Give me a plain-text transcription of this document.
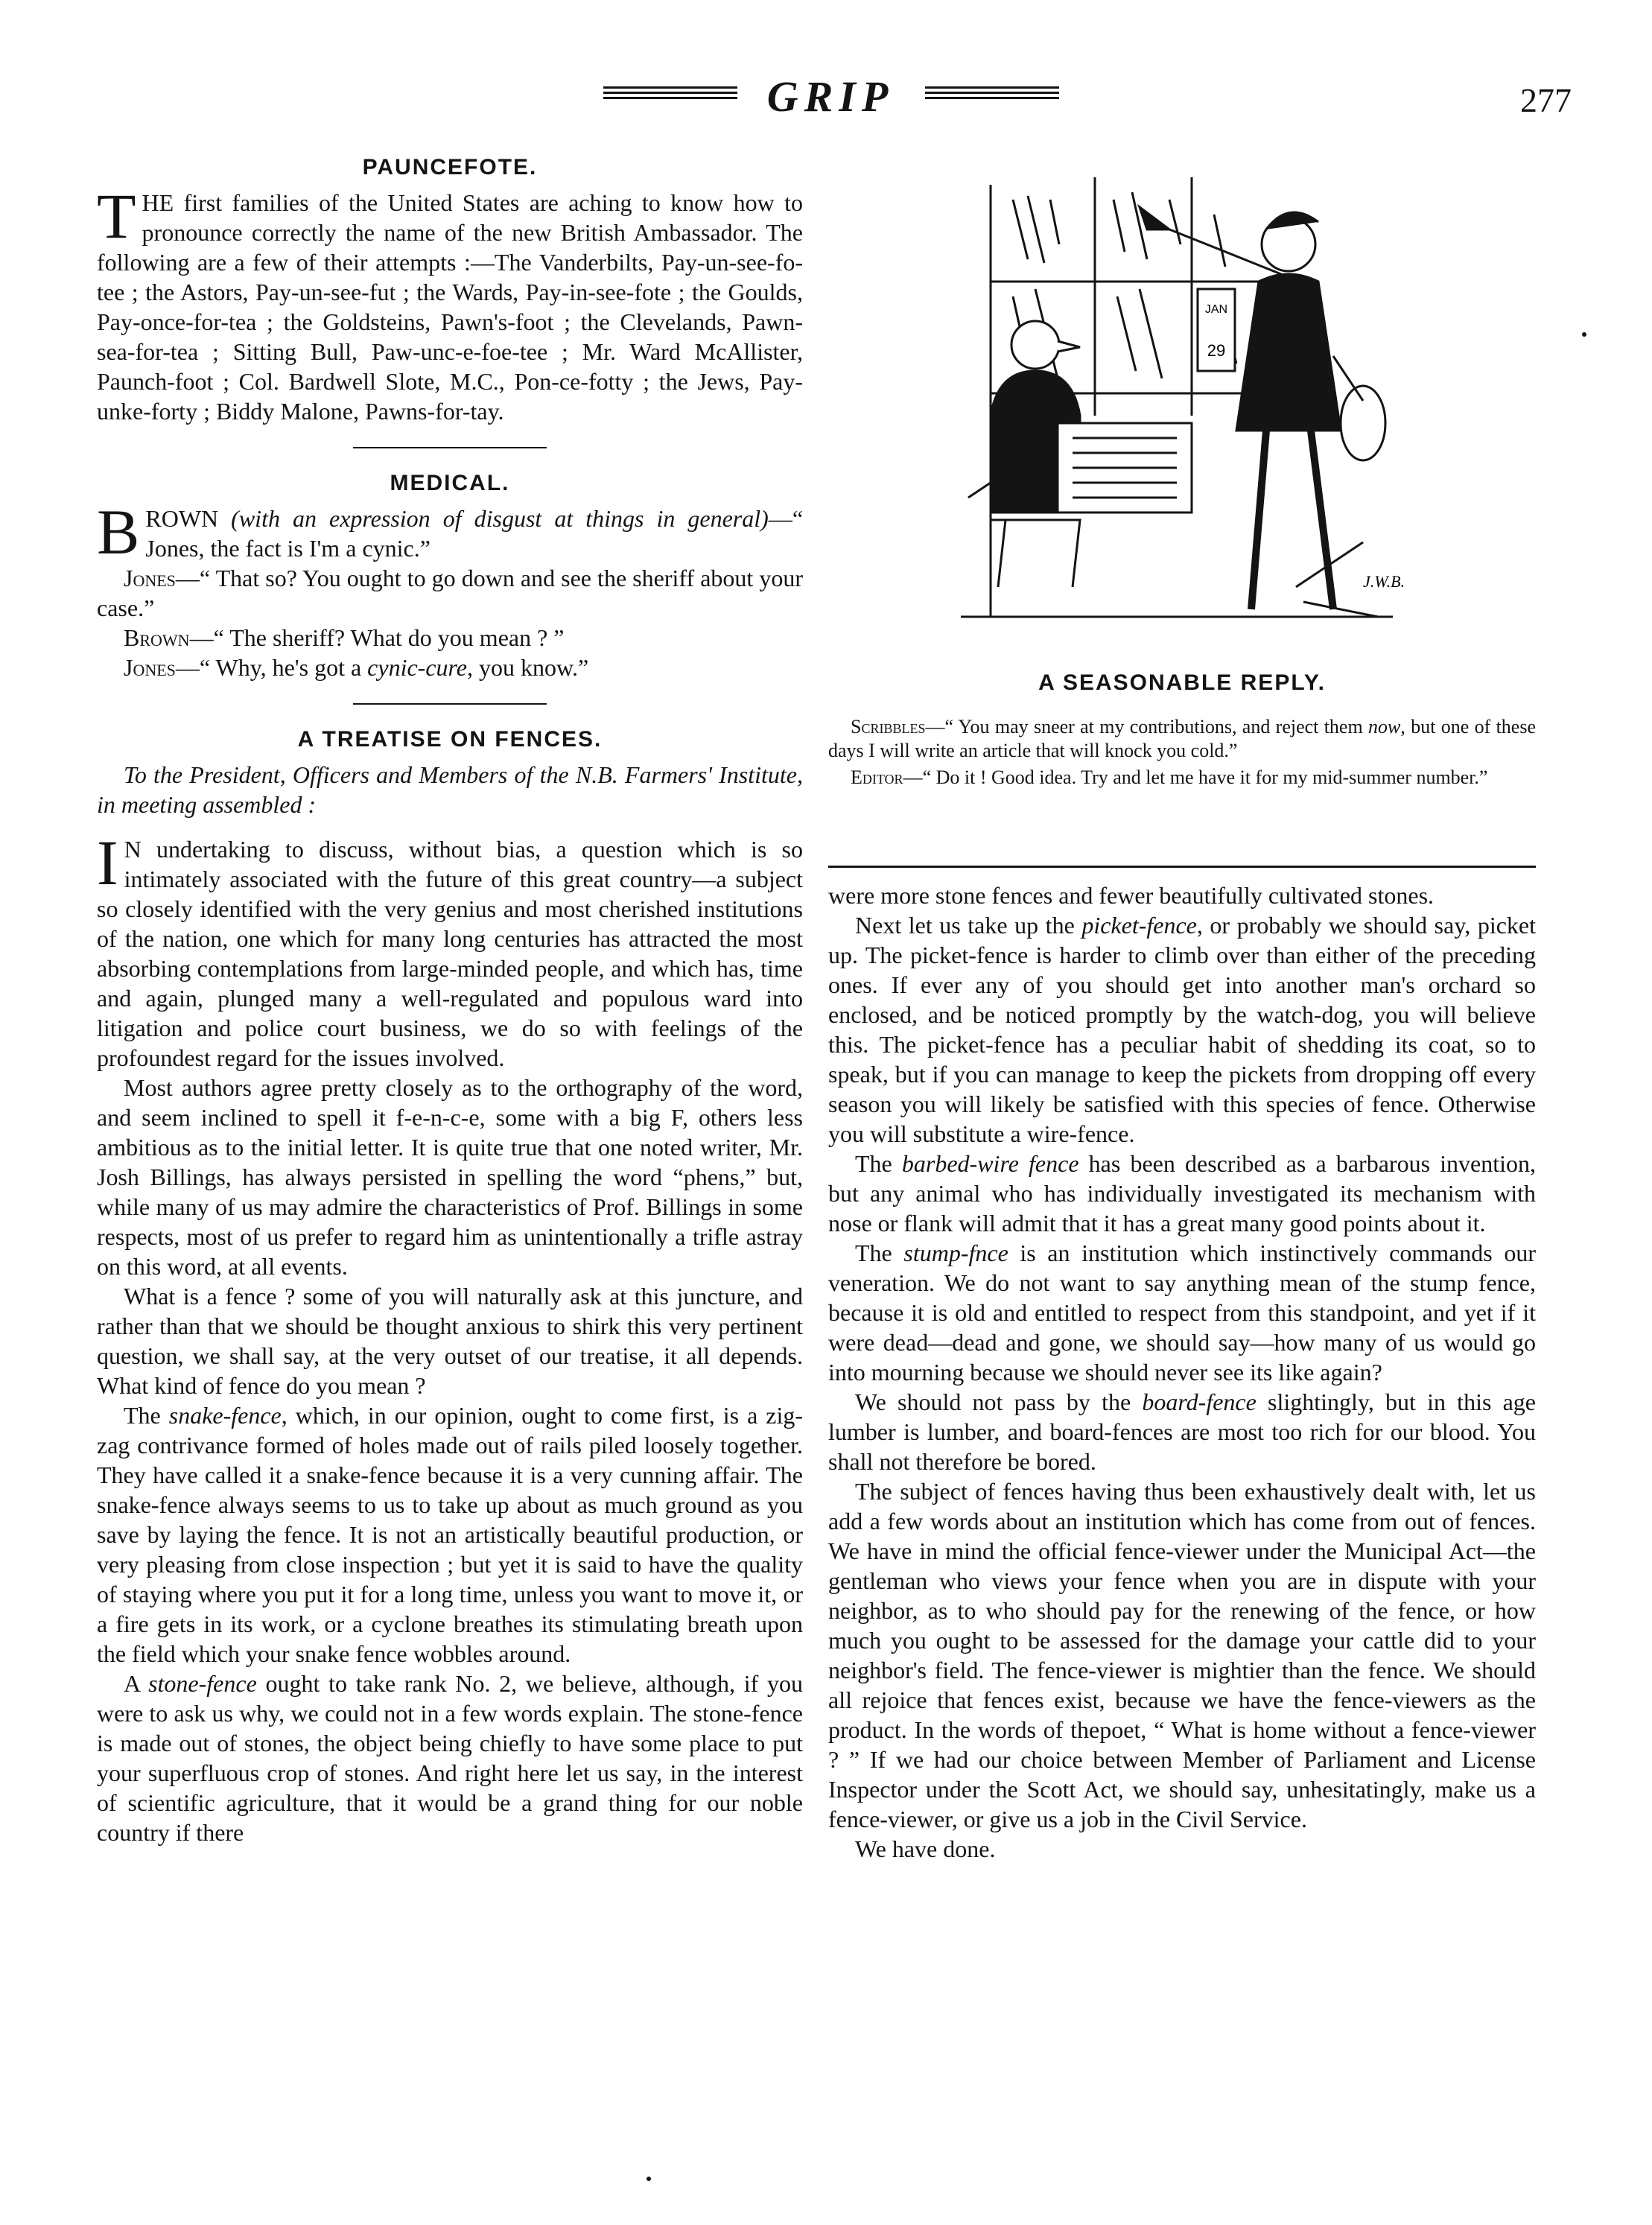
GRIP	277
PAUNCEFOTE.

THE first families of the United States are aching to know how to pronounce correctly the name of the new British Ambassador. The following are a few of their attempts :—The Vanderbilts, Pay-un-see-fo-tee ; the Astors, Pay-un-see-fut ; the Wards, Pay-in-see-fote ; the Goulds, Pay-once-for-tea ; the Goldsteins, Pawn's-foot ; the Clevelands, Pawn-sea-for-tea ; Sitting Bull, Paw-unc-e-foe-tee ; Mr. Ward McAllister, Paunch-foot ; Col. Bardwell Slote, M.C., Pon-ce-fotty ; the Jews, Pay-unke-forty ; Biddy Malone, Pawns-for-tay.

MEDICAL.

BROWN (with an expression of disgust at things in general)—“ Jones, the fact is I'm a cynic.”

Jones—“ That so? You ought to go down and see the sheriff about your case.”

Brown—“ The sheriff? What do you mean ? ”

Jones—“ Why, he's got a cynic-cure, you know.”

A TREATISE ON FENCES.

To the President, Officers and Members of the N.B. Farmers' Institute, in meeting assembled :

I N undertaking to discuss, without bias, a question which is so intimately associated with the future of this great country—a subject so closely identified with the very genius and most cherished institutions of the nation, one which for many long centuries has attracted the most absorbing contemplations from large-minded people, and which has, time and again, plunged many a well-regulated and populous ward into litigation and police court business, we do so with feelings of the profoundest regard for the issues involved.

Most authors agree pretty closely as to the orthography of the word, and seem inclined to spell it f-e-n-c-e, some with a big F, others less ambitious as to the initial letter. It is quite true that one noted writer, Mr. Josh Billings, has always persisted in spelling the word “phens,” but, while many of us may admire the characteristics of Prof. Billings in some respects, most of us prefer to regard him as unintentionally a trifle astray on this word, at all events.

What is a fence ? some of you will naturally ask at this juncture, and rather than that we should be thought anxious to shirk this very pertinent question, we shall say, at the very outset of our treatise, it all depends. What kind of fence do you mean ?

The snake-fence, which, in our opinion, ought to come first, is a zig-zag contrivance formed of holes made out of rails piled loosely together. They have called it a snake-fence because it is a very cunning affair. The snake-fence always seems to us to take up about as much ground as you save by laying the fence. It is not an artistically beautiful production, or very pleasing from close inspection ; but yet it is said to have the quality of staying where you put it for a long time, unless you want to move it, or a fire gets in its work, or a cyclone breathes its stimulating breath upon the field which your snake fence wobbles around.

A stone-fence ought to take rank No. 2, we believe, although, if you were to ask us why, we could not in a few words explain. The stone-fence is made out of stones, the object being chiefly to have some place to put your superfluous crop of stones. And right here let us say, in the interest of scientific agriculture, that it would be a grand thing for our noble country if there

JAN
29
J.W.B.
A SEASONABLE REPLY.

Scribbles—“ You may sneer at my contributions, and reject them now, but one of these days I will write an article that will knock you cold.”

Editor—“ Do it ! Good idea. Try and let me have it for my mid-summer number.”

were more stone fences and fewer beautifully cultivated stones.

Next let us take up the picket-fence, or probably we should say, picket up. The picket-fence is harder to climb over than either of the preceding ones. If ever any of you should get into another man's orchard so enclosed, and be noticed promptly by the watch-dog, you will believe this. The picket-fence has a peculiar habit of shedding its coat, so to speak, but if you can manage to keep the pickets from dropping off every season you will likely be satisfied with this species of fence. Otherwise you will substitute a wire-fence.

The barbed-wire fence has been described as a barbarous invention, but any animal who has individually investigated its mechanism with nose or flank will admit that it has a great many good points about it.

The stump-fnce is an institution which instinctively commands our veneration. We do not want to say anything mean of the stump fence, because it is old and entitled to respect from this standpoint, and yet if it were dead—dead and gone, we should say—how many of us would go into mourning because we should never see its like again?

We should not pass by the board-fence slightingly, but in this age lumber is lumber, and board-fences are most too rich for our blood. You shall not therefore be bored.

The subject of fences having thus been exhaustively dealt with, let us add a few words about an institution which has come from out of fences. We have in mind the official fence-viewer under the Municipal Act—the gentleman who views your fence when you are in dispute with your neighbor, as to who should pay for the renewing of the fence, or how much you ought to be assessed for the damage your cattle did to your neighbor's field. The fence-viewer is mightier than the fence. We should all rejoice that fences exist, because we have the fence-viewers as the product. In the words of thepoet, “ What is home without a fence-viewer ? ” If we had our choice between Member of Parliament and License Inspector under the Scott Act, we should say, unhesitatingly, make us a fence-viewer, or give us a job in the Civil Service.

We have done.
